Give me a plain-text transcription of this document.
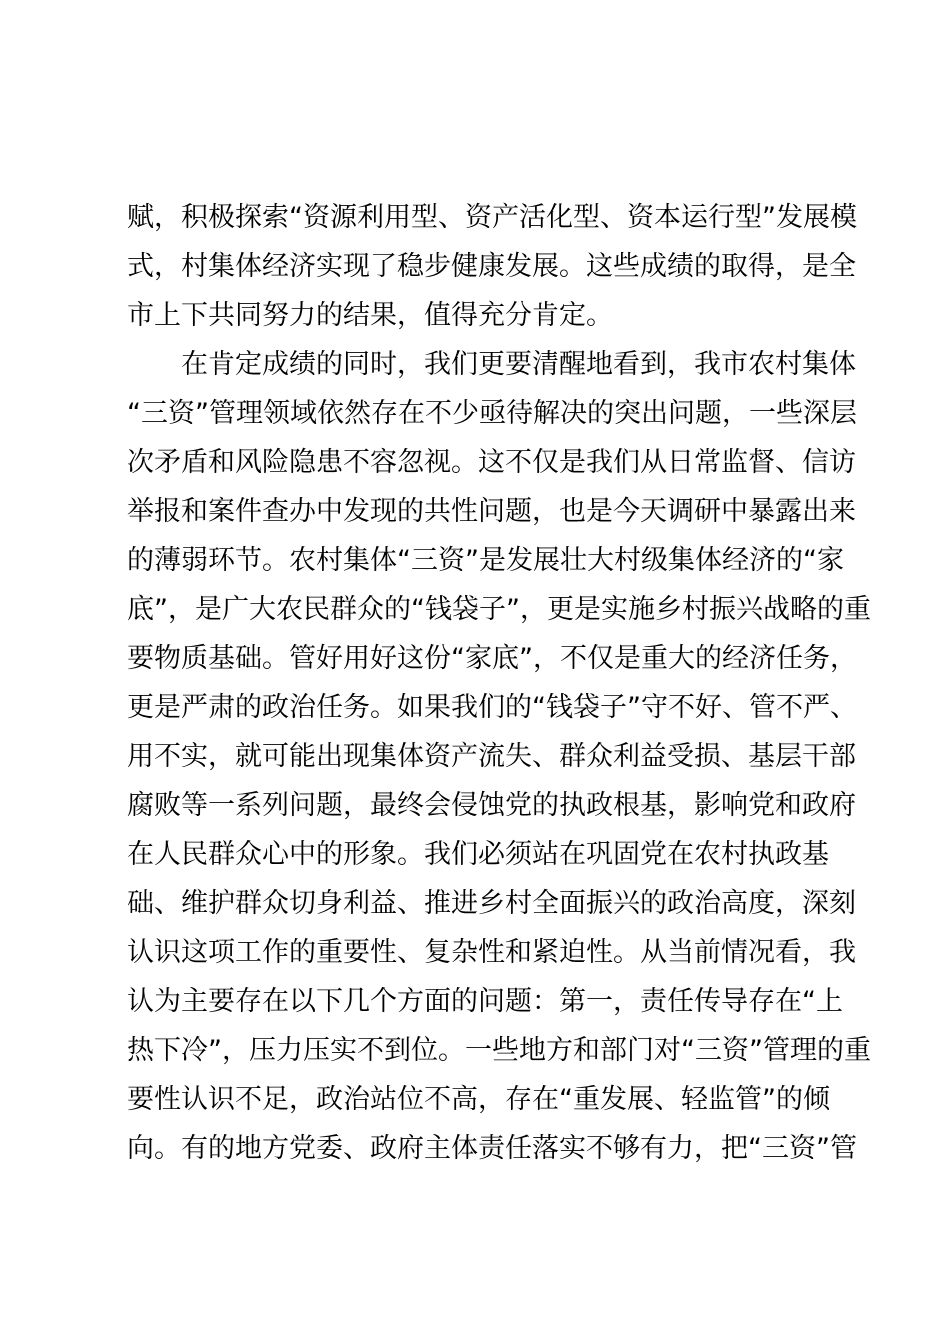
赋，积极探索“资源利用型、资产活化型、资本运行型”发展模
式，村集体经济实现了稳步健康发展。这些成绩的取得，是全
市上下共同努力的结果，值得充分肯定。
　　在肯定成绩的同时，我们更要清醒地看到，我市农村集体
“三资”管理领域依然存在不少亟待解决的突出问题，一些深层
次矛盾和风险隐患不容忽视。这不仅是我们从日常监督、信访
举报和案件查办中发现的共性问题，也是今天调研中暴露出来
的薄弱环节。农村集体“三资”是发展壮大村级集体经济的“家
底”，是广大农民群众的“钱袋子”，更是实施乡村振兴战略的重
要物质基础。管好用好这份“家底”，不仅是重大的经济任务，
更是严肃的政治任务。如果我们的“钱袋子”守不好、管不严、
用不实，就可能出现集体资产流失、群众利益受损、基层干部
腐败等一系列问题，最终会侵蚀党的执政根基，影响党和政府
在人民群众心中的形象。我们必须站在巩固党在农村执政基
础、维护群众切身利益、推进乡村全面振兴的政治高度，深刻
认识这项工作的重要性、复杂性和紧迫性。从当前情况看，我
认为主要存在以下几个方面的问题：第一，责任传导存在“上
热下冷”，压力压实不到位。一些地方和部门对“三资”管理的重
要性认识不足，政治站位不高，存在“重发展、轻监管”的倾
向。有的地方党委、政府主体责任落实不够有力，把“三资”管
